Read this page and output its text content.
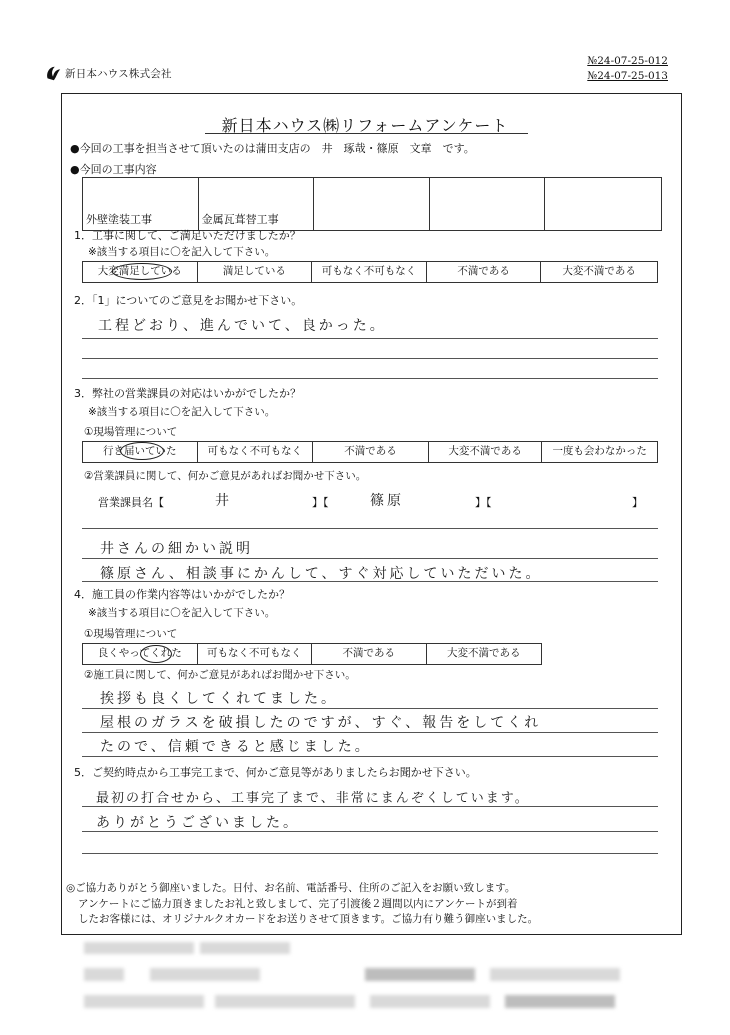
新日本ハウス株式会社
№24-07-25-012
№24-07-25-013
新日本ハウス㈱リフォームアンケート
●今回の工事を担当させて頂いたのは蒲田支店の　井　琢哉・篠原　文章　です。
●今回の工事内容
外壁塗装工事	金属瓦葺替工事
1．工事に関して、ご満足いただけましたか？
※該当する項目に〇を記入して下さい。
大変満足している	満足している	可もなく不可もなく	不満である	大変不満である
2．「1」についてのご意見をお聞かせ下さい。
工程どおり、進んでいて、良かった。
3．弊社の営業課員の対応はいかがでしたか？
※該当する項目に〇を記入して下さい。
①現場管理について
行き届いていた	可もなく不可もなく	不満である	大変不満である	一度も会わなかった
②営業課員に関して、何かご意見があればお聞かせ下さい。
営業課員名【	井	】【	篠原	】【	】
井さんの細かい説明
篠原さん、相談事にかんして、すぐ対応していただいた。
4．施工員の作業内容等はいかがでしたか？
※該当する項目に〇を記入して下さい。
①現場管理について
良くやってくれた	可もなく不可もなく	不満である	大変不満である
②施工員に関して、何かご意見があればお聞かせ下さい。
挨拶も良くしてくれてました。
屋根のガラスを破損したのですが、すぐ、報告をしてくれ
たので、信頼できると感じました。
5．ご契約時点から工事完工まで、何かご意見等がありましたらお聞かせ下さい。
最初の打合せから、工事完了まで、非常にまんぞくしています。
ありがとうございました。
◎ご協力ありがとう御座いました。日付、お名前、電話番号、住所のご記入をお願い致します。
アンケートにご協力頂きましたお礼と致しまして、完了引渡後２週間以内にアンケートが到着
したお客様には、オリジナルクオカードをお送りさせて頂きます。ご協力有り難う御座いました。
